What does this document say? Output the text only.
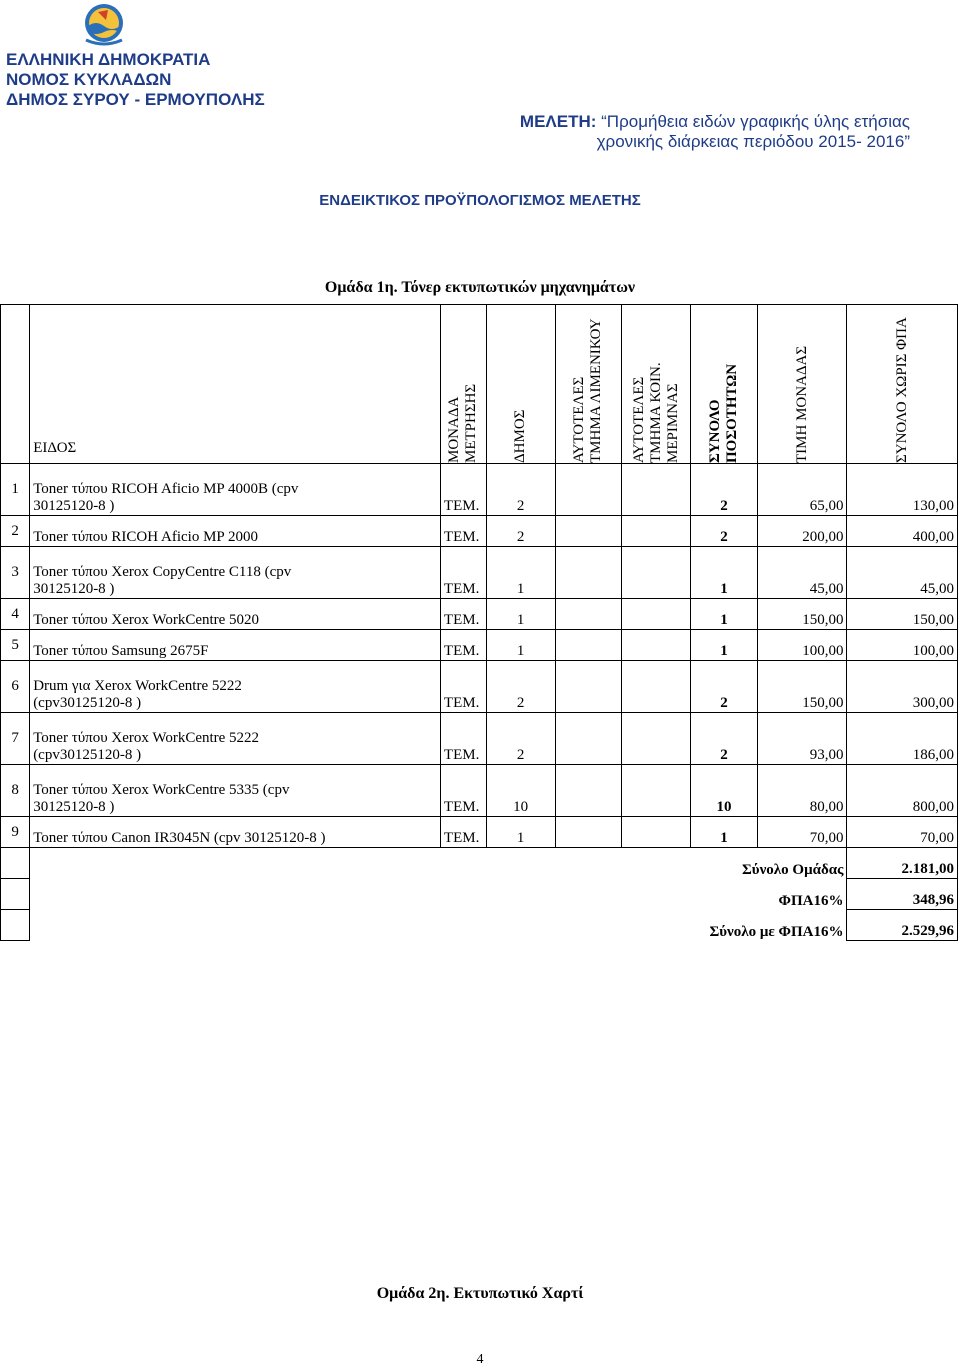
ΕΛΛΗΝΙΚΗ ΔΗΜΟΚΡΑΤΙΑ
ΝΟΜΟΣ ΚΥΚΛΑΔΩΝ
ΔΗΜΟΣ ΣΥΡΟΥ - ΕΡΜΟΥΠΟΛΗΣ
ΜΕΛΕΤΗ: “Προμήθεια ειδών γραφικής ύλης ετήσιας
χρονικής διάρκειας περιόδου 2015- 2016”
ΕΝΔΕΙΚΤΙΚΟΣ ΠΡΟΫΠΟΛΟΓΙΣΜΟΣ ΜΕΛΕΤΗΣ
Ομάδα 1η. Τόνερ εκτυπωτικών μηχανημάτων
	ΕΙΔΟΣ	ΜΟΝΑΔΑ ΜΕΤΡΗΣΗΣ	ΔΗΜΟΣ	ΑΥΤΟΤΕΛΕΣ ΤΜΗΜΑ ΛΙΜΕΝΙΚΟΥ	ΑΥΤΟΤΕΛΕΣ ΤΜΗΜΑ ΚΟΙΝ. ΜΕΡΙΜΝΑΣ	ΣΥΝΟΛΟ ΠΟΣΟΤΗΤΩΝ	ΤΙΜΗ ΜΟΝΑΔΑΣ	ΣΥΝΟΛΟ ΧΩΡΙΣ ΦΠΑ

1	Toner τύπου RICOH Aficio MP 4000B (cpv
30125120-8 )	ΤΕΜ.	2			2	65,00	130,00
2	Toner τύπου RICOH Aficio MP 2000	ΤΕΜ.	2			2	200,00	400,00
3	Toner τύπου Xerox CopyCentre C118 (cpv
30125120-8 )	ΤΕΜ.	1			1	45,00	45,00
4	Toner τύπου Xerox WorkCentre 5020	ΤΕΜ.	1			1	150,00	150,00
5	Toner τύπου Samsung 2675F	ΤΕΜ.	1			1	100,00	100,00
6	Drum για Xerox WorkCentre 5222
(cpv30125120-8 )	ΤΕΜ.	2			2	150,00	300,00
7	Toner τύπου Xerox WorkCentre 5222
(cpv30125120-8 )	ΤΕΜ.	2			2	93,00	186,00
8	Toner τύπου Xerox WorkCentre 5335 (cpv
30125120-8 )	ΤΕΜ.	10			10	80,00	800,00
9	Toner τύπου Canon IR3045N (cpv 30125120-8 )	ΤΕΜ.	1			1	70,00	70,00
	Σύνολο Ομάδας							2.181,00
	ΦΠΑ16%							348,96
	Σύνολο με ΦΠΑ16%							2.529,96
Ομάδα 2η. Εκτυπωτικό Χαρτί
4
